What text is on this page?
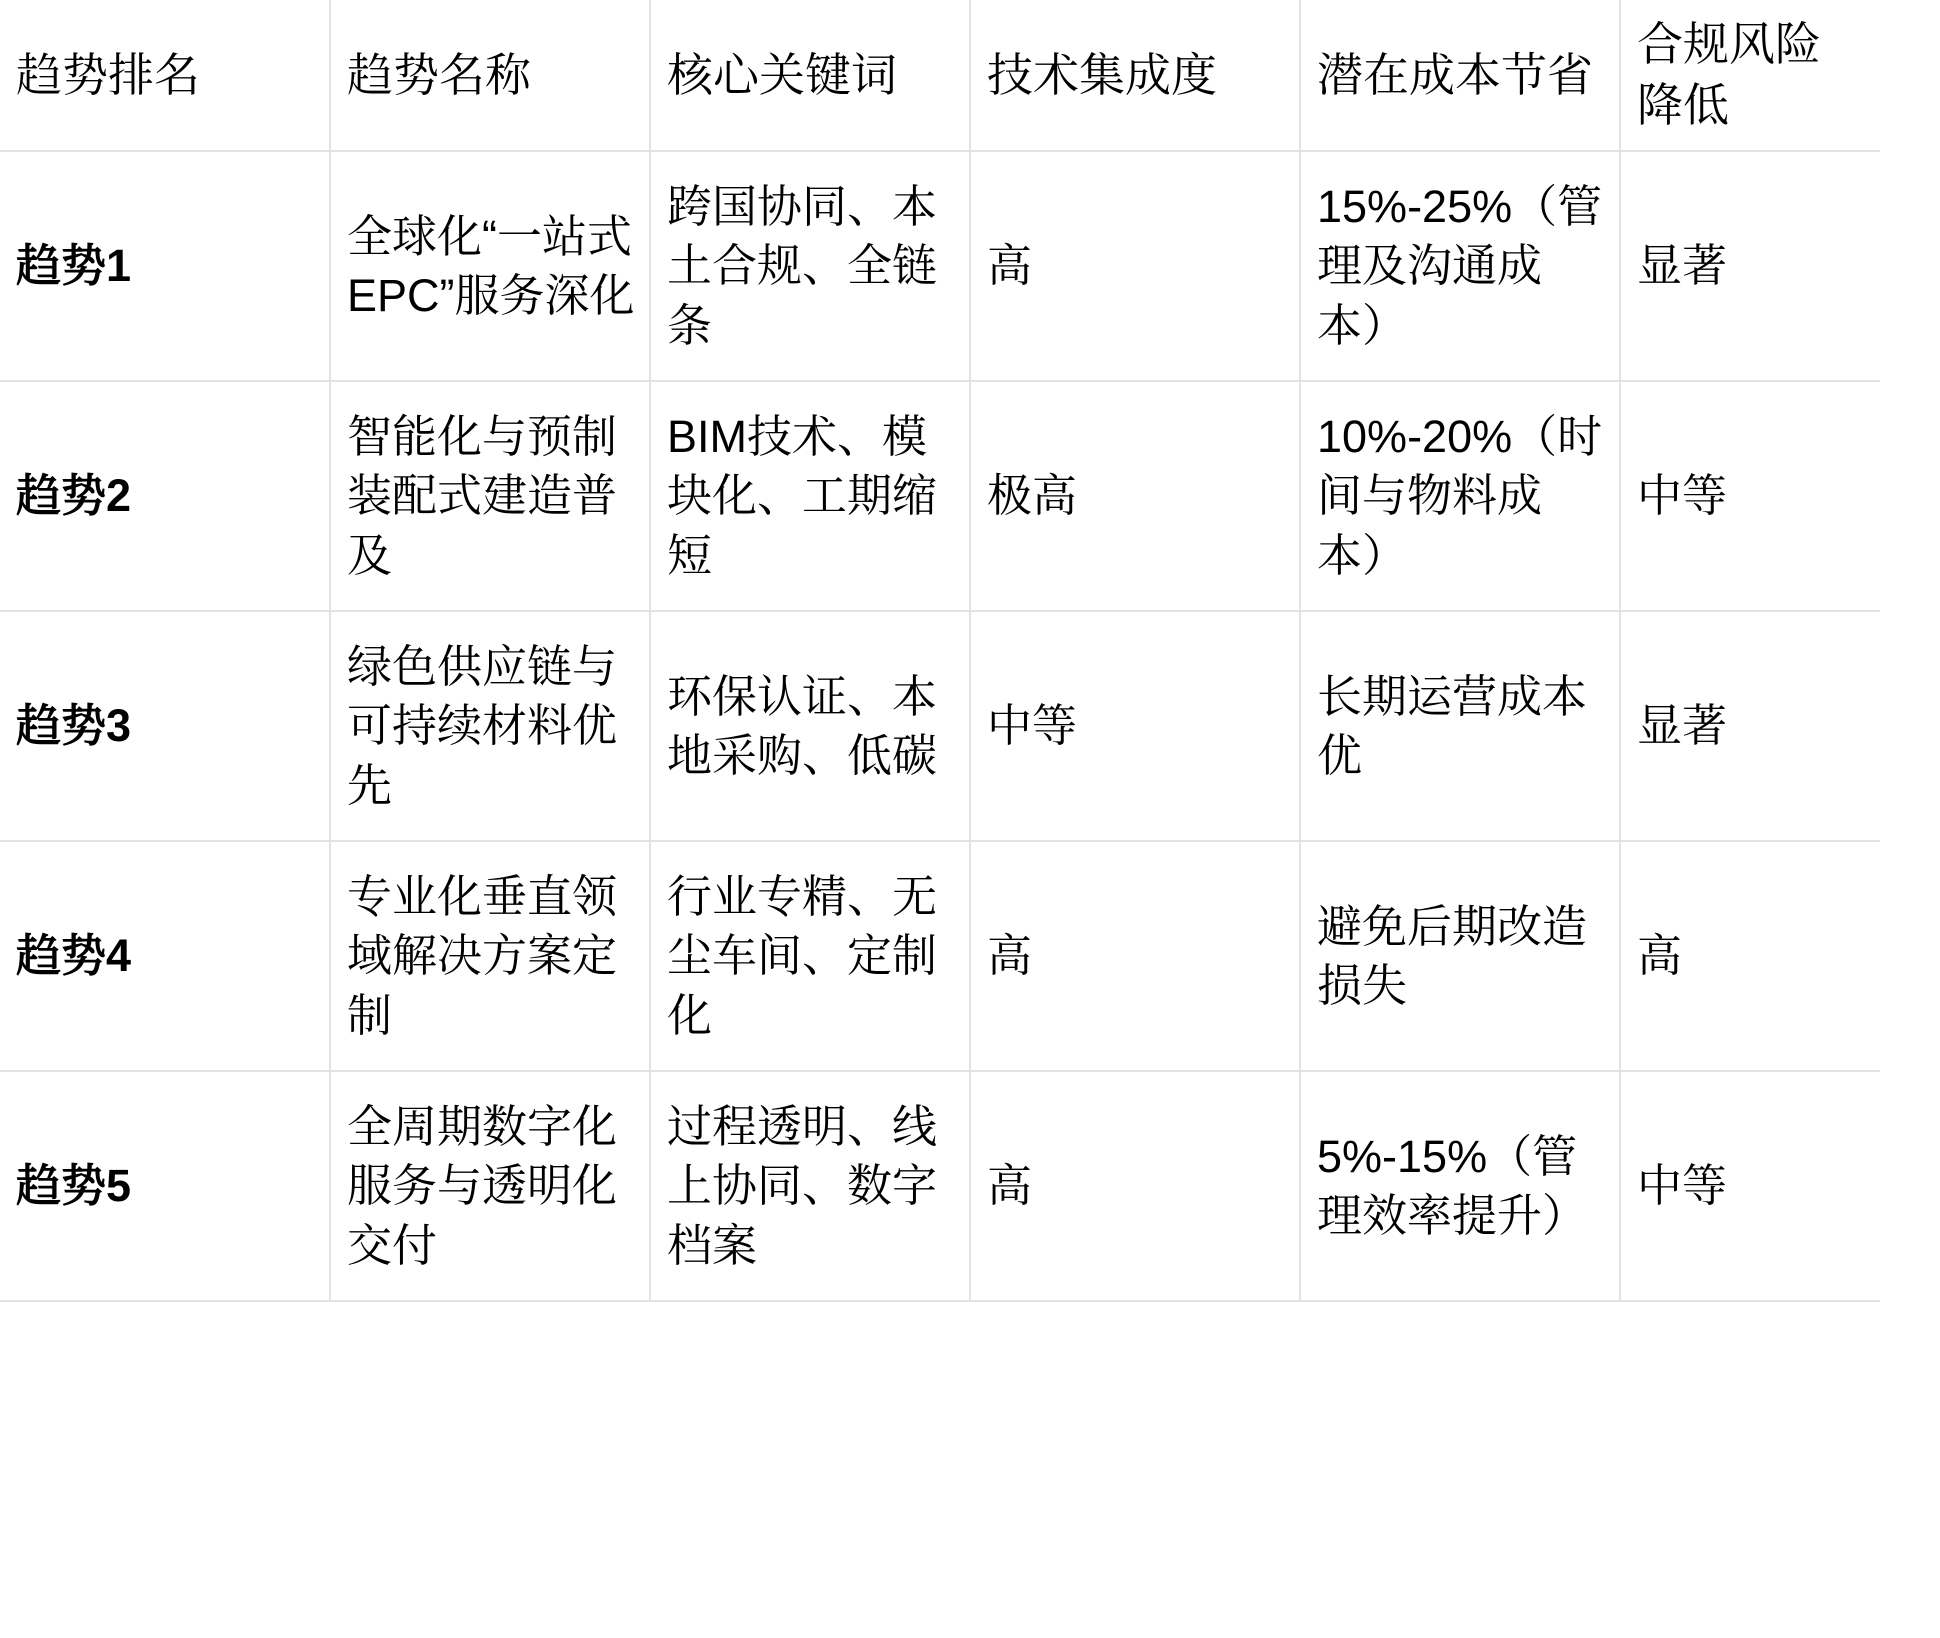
趋势排名	趋势名称	核心关键词	技术集成度	潜在成本节省	合规风险降低

趋势1	全球化“一站式EPC”服务深化	跨国协同、本土合规、全链条	高	15%-25%（管理及沟通成本）	显著

趋势2	智能化与预制装配式建造普及	BIM技术、模块化、工期缩短	极高	10%-20%（时间与物料成本）	中等

趋势3	绿色供应链与可持续材料优先	环保认证、本地采购、低碳	中等	长期运营成本优	显著

趋势4	专业化垂直领域解决方案定制	行业专精、无尘车间、定制化	高	避免后期改造损失	高

趋势5	全周期数字化服务与透明化交付	过程透明、线上协同、数字档案	高	5%-15%（管理效率提升）	中等
